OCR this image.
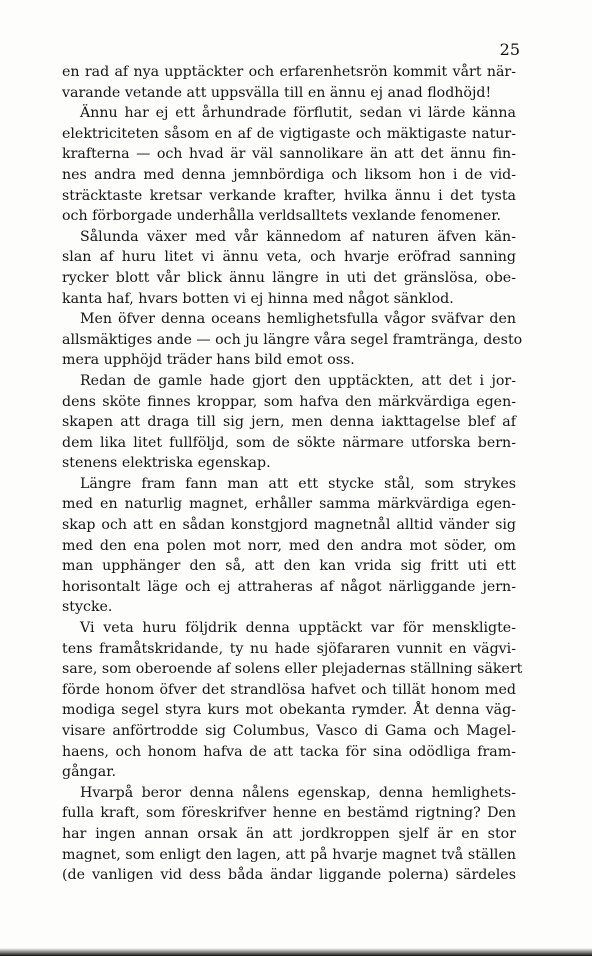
25
en rad af nya upptäckter och erfarenhetsrön kommit vårt när-
varande vetande att uppsvälla till en ännu ej anad flodhöjd!
Ännu har ej ett århundrade förflutit, sedan vi lärde känna
elektriciteten såsom en af de vigtigaste och mäktigaste natur-
krafterna — och hvad är väl sannolikare än att det ännu fin-
nes andra med denna jemnbördiga och liksom hon i de vid-
sträcktaste kretsar verkande krafter, hvilka ännu i det tysta
och förborgade underhålla verldsalltets vexlande fenomener.
Sålunda växer med vår kännedom af naturen äfven kän-
slan af huru litet vi ännu veta, och hvarje eröfrad sanning
rycker blott vår blick ännu längre in uti det gränslösa, obe-
kanta haf, hvars botten vi ej hinna med något sänklod.
Men öfver denna oceans hemlighetsfulla vågor sväfvar den
allsmäktiges ande — och ju längre våra segel framtränga, desto
mera upphöjd träder hans bild emot oss.
Redan de gamle hade gjort den upptäckten, att det i jor-
dens sköte finnes kroppar, som hafva den märkvärdiga egen-
skapen att draga till sig jern, men denna iakttagelse blef af
dem lika litet fullföljd, som de sökte närmare utforska bern-
stenens elektriska egenskap.
Längre fram fann man att ett stycke stål, som strykes
med en naturlig magnet, erhåller samma märkvärdiga egen-
skap och att en sådan konstgjord magnetnål alltid vänder sig
med den ena polen mot norr, med den andra mot söder, om
man upphänger den så, att den kan vrida sig fritt uti ett
horisontalt läge och ej attraheras af något närliggande jern-
stycke.
Vi veta huru följdrik denna upptäckt var för menskligte-
tens framåtskridande, ty nu hade sjöfararen vunnit en vägvi-
sare, som oberoende af solens eller plejadernas ställning säkert
förde honom öfver det strandlösa hafvet och tillät honom med
modiga segel styra kurs mot obekanta rymder. Åt denna väg-
visare anförtrodde sig Columbus, Vasco di Gama och Magel-
haens, och honom hafva de att tacka för sina odödliga fram-
gångar.
Hvarpå beror denna nålens egenskap, denna hemlighets-
fulla kraft, som föreskrifver henne en bestämd rigtning? Den
har ingen annan orsak än att jordkroppen sjelf är en stor
magnet, som enligt den lagen, att på hvarje magnet två ställen
(de vanligen vid dess båda ändar liggande polerna) särdeles
